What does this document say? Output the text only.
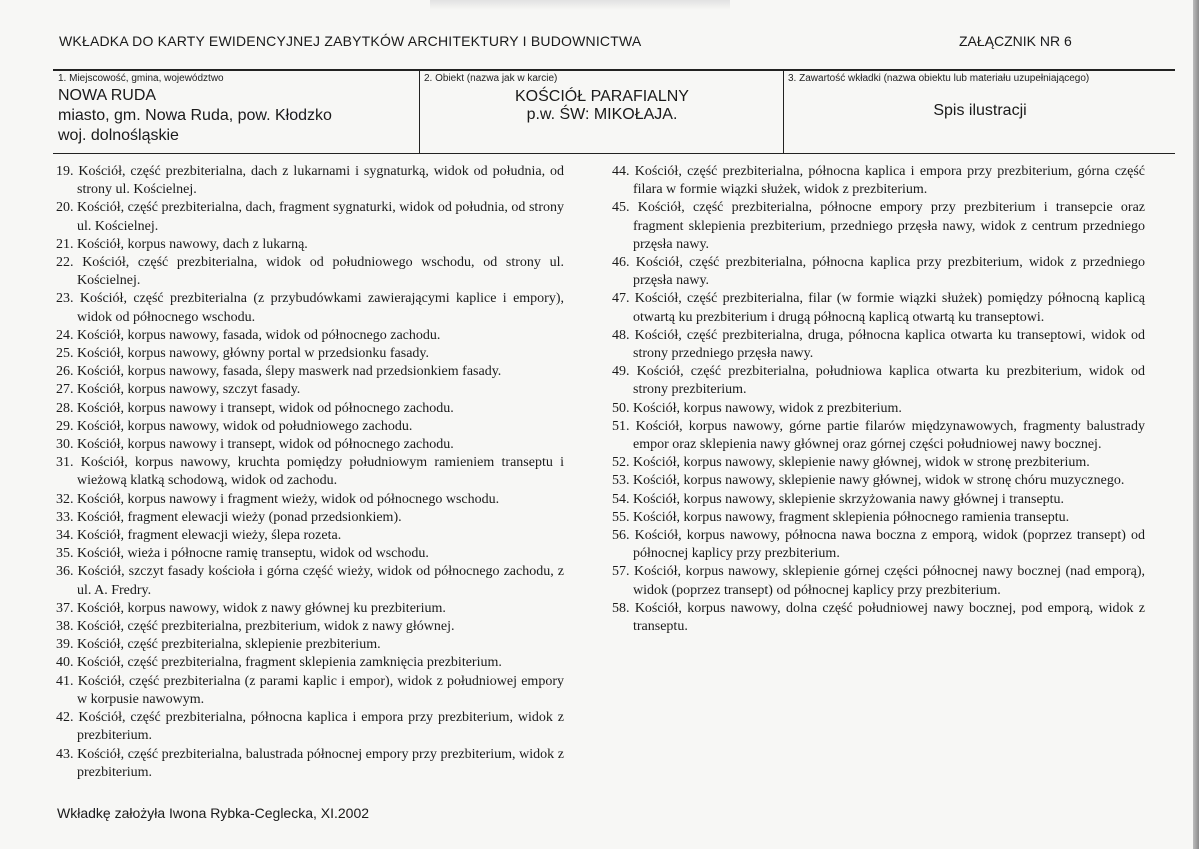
WKŁADKA DO KARTY EWIDENCYJNEJ ZABYTKÓW ARCHITEKTURY I BUDOWNICTWA	ZAŁĄCZNIK NR 6
1. Miejscowość, gmina, województwo
NOWA RUDA
miasto, gm. Nowa Ruda, pow. Kłodzko
woj. dolnośląskie
2. Obiekt (nazwa jak w karcie)
KOŚCIÓŁ PARAFIALNY
p.w. ŚW: MIKOŁAJA.
3. Zawartość wkładki (nazwa obiektu lub materiału uzupełniającego)
Spis ilustracji

19. Kościół, część prezbiterialna, dach z lukarnami i sygnaturką, widok od południa, od strony ul. Kościelnej.

20. Kościół, część prezbiterialna, dach, fragment sygnaturki, widok od południa, od strony ul. Kościelnej.

21. Kościół, korpus nawowy, dach z lukarną.

22. Kościół, część prezbiterialna, widok od południowego wschodu, od strony ul. Kościelnej.

23. Kościół, część prezbiterialna (z przybudówkami zawierającymi kaplice i empory), widok od północnego wschodu.

24. Kościół, korpus nawowy, fasada, widok od północnego zachodu.

25. Kościół, korpus nawowy, główny portal w przedsionku fasady.

26. Kościół, korpus nawowy, fasada, ślepy maswerk nad przedsionkiem fasady.

27. Kościół, korpus nawowy, szczyt fasady.

28. Kościół, korpus nawowy i transept, widok od północnego zachodu.

29. Kościół, korpus nawowy, widok od południowego zachodu.

30. Kościół, korpus nawowy i transept, widok od północnego zachodu.

31. Kościół, korpus nawowy, kruchta pomiędzy południowym ramieniem transeptu i wieżową klatką schodową, widok od zachodu.

32. Kościół, korpus nawowy i fragment wieży, widok od północnego wschodu.

33. Kościół, fragment elewacji wieży (ponad przedsionkiem).

34. Kościół, fragment elewacji wieży, ślepa rozeta.

35. Kościół, wieża i północne ramię transeptu, widok od wschodu.

36. Kościół, szczyt fasady kościoła i górna część wieży, widok od północnego zachodu, z ul. A. Fredry.

37. Kościół, korpus nawowy, widok z nawy głównej ku prezbiterium.

38. Kościół, część prezbiterialna, prezbiterium, widok z nawy głównej.

39. Kościół, część prezbiterialna, sklepienie prezbiterium.

40. Kościół, część prezbiterialna, fragment sklepienia zamknięcia prezbiterium.

41. Kościół, część prezbiterialna (z parami kaplic i empor), widok z południowej empory w korpusie nawowym.

42. Kościół, część prezbiterialna, północna kaplica i empora przy prezbiterium, widok z prezbiterium.

43. Kościół, część prezbiterialna, balustrada północnej empory przy prezbiterium, widok z prezbiterium.

44. Kościół, część prezbiterialna, północna kaplica i empora przy prezbiterium, górna część filara w formie wiązki służek, widok z prezbiterium.

45. Kościół, część prezbiterialna, północne empory przy prezbiterium i transepcie oraz fragment sklepienia prezbiterium, przedniego przęsła nawy, widok z centrum przedniego przęsła nawy.

46. Kościół, część prezbiterialna, północna kaplica przy prezbiterium, widok z przedniego przęsła nawy.

47. Kościół, część prezbiterialna, filar (w formie wiązki służek) pomiędzy północną kaplicą otwartą ku prezbiterium i drugą północną kaplicą otwartą ku transeptowi.

48. Kościół, część prezbiterialna, druga, północna kaplica otwarta ku transeptowi, widok od strony przedniego przęsła nawy.

49. Kościół, część prezbiterialna, południowa kaplica otwarta ku prezbiterium, widok od strony prezbiterium.

50. Kościół, korpus nawowy, widok z prezbiterium.

51. Kościół, korpus nawowy, górne partie filarów międzynawowych, fragmenty balustrady empor oraz sklepienia nawy głównej oraz górnej części południowej nawy bocznej.

52. Kościół, korpus nawowy, sklepienie nawy głównej, widok w stronę prezbiterium.

53. Kościół, korpus nawowy, sklepienie nawy głównej, widok w stronę chóru muzycznego.

54. Kościół, korpus nawowy, sklepienie skrzyżowania nawy głównej i transeptu.

55. Kościół, korpus nawowy, fragment sklepienia północnego ramienia transeptu.

56. Kościół, korpus nawowy, północna nawa boczna z emporą, widok (poprzez transept) od północnej kaplicy przy prezbiterium.

57. Kościół, korpus nawowy, sklepienie górnej części północnej nawy bocznej (nad emporą), widok (poprzez transept) od północnej kaplicy przy prezbiterium.

58. Kościół, korpus nawowy, dolna część południowej nawy bocznej, pod emporą, widok z transeptu.

Wkładkę założyła Iwona Rybka-Ceglecka, XI.2002
